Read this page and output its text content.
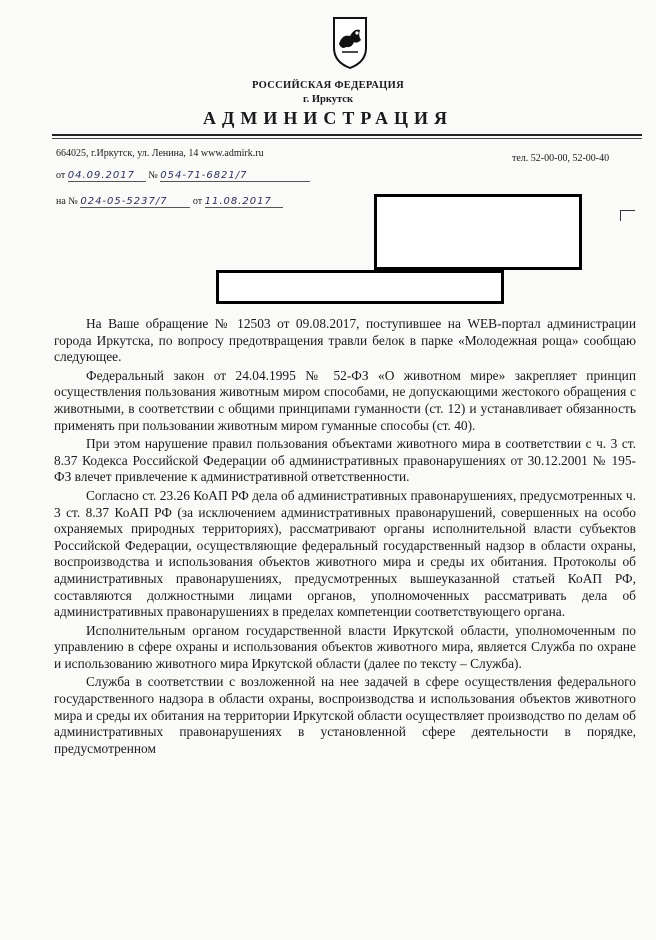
РОССИЙСКАЯ ФЕДЕРАЦИЯ
г. Иркутск
АДМИНИСТРАЦИЯ
664025, г.Иркутск, ул. Ленина, 14 www.admirk.ru	тел. 52-00-00, 52-00-40
от 04.09.2017 № 054-71-6821/7
на № 024-05-5237/7	от 11.08.2017

На Ваше обращение № 12503 от 09.08.2017, поступившее на WEB-портал администрации города Иркутска, по вопросу предотвращения травли белок в парке «Молодежная роща» сообщаю следующее.

Федеральный закон от 24.04.1995 № 52-ФЗ «О животном мире» закрепляет принцип осуществления пользования животным миром способами, не допускающими жестокого обращения с животными, в соответствии с общими принципами гуманности (ст. 12) и устанавливает обязанность применять при пользовании животным миром гуманные способы (ст. 40).

При этом нарушение правил пользования объектами животного мира в соответствии с ч. 3 ст. 8.37 Кодекса Российской Федерации об административных правонарушениях от 30.12.2001 № 195-ФЗ влечет привлечение к административной ответственности.

Согласно ст. 23.26 КоАП РФ дела об административных правонарушениях, предусмотренных ч. 3 ст. 8.37 КоАП РФ (за исключением административных правонарушений, совершенных на особо охраняемых природных территориях), рассматривают органы исполнительной власти субъектов Российской Федерации, осуществляющие федеральный государственный надзор в области охраны, воспроизводства и использования объектов животного мира и среды их обитания. Протоколы об административных правонарушениях, предусмотренных вышеуказанной статьей КоАП РФ, составляются должностными лицами органов, уполномоченных рассматривать дела об административных правонарушениях в пределах компетенции соответствующего органа.

Исполнительным органом государственной власти Иркутской области, уполномоченным по управлению в сфере охраны и использования объектов животного мира, является Служба по охране и использованию животного мира Иркутской области (далее по тексту – Служба).

Служба в соответствии с возложенной на нее задачей в сфере осуществления федерального государственного надзора в области охраны, воспроизводства и использования объектов животного мира и среды их обитания на территории Иркутской области осуществляет производство по делам об административных правонарушениях в установленной сфере деятельности в порядке, предусмотренном
